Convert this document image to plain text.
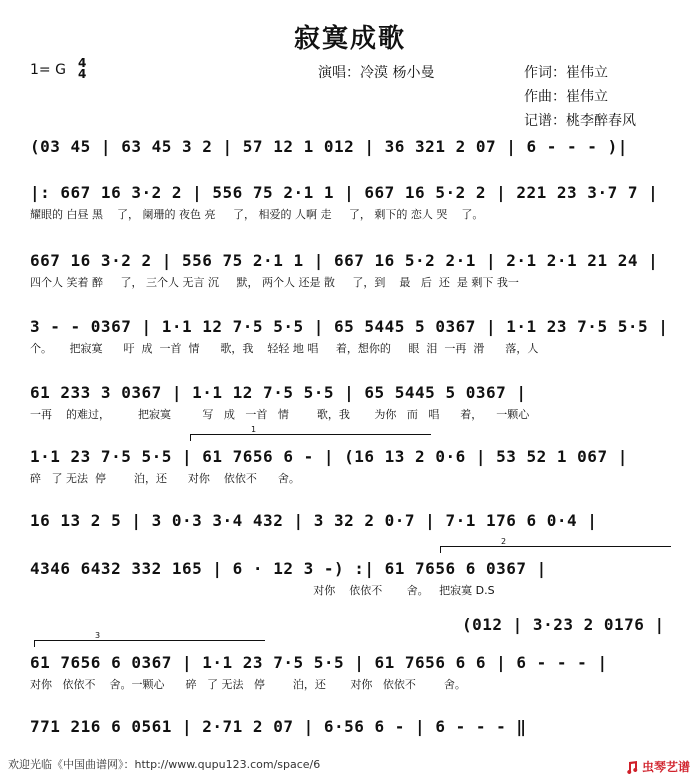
寂寞成歌
1= G 4
4	演唱：冷漠 杨小曼	作词：崔伟立
作曲：崔伟立
记谱：桃李醉春风
(03 45 | 63 45 3 2 | 57 12 1 012 | 36 321 2 07 | 6 - - - )|
|: 667 16 3·2 2 | 556 75 2·1 1 | 667 16 5·2 2 | 221 23 3·7 7 |
耀眼的 白昼 黑    了， 阑珊的 夜色 亮     了， 相爱的 人啊 走     了， 剩下的 恋人 哭    了。
667 16 3·2 2 | 556 75 2·1 1 | 667 16 5·2 2·1 | 2·1 2·1 21 24 |
四个人 笑着 醉     了， 三个人 无言 沉     默， 两个人 还是 散     了，到    最   后  还  是 剩下 我一
3 - - 0367 | 1·1 12 7·5 5·5 | 65 5445 5 0367 | 1·1 23 7·5 5·5 |
个。     把寂寞      吁  成  一首  情      歌，我    轻轻 地 唱     着，想你的     眼  泪  一再  滑      落，人
61 233 3 0367 | 1·1 12 7·5 5·5 | 65 5445 5 0367 |
一再    的难过，        把寂寞         写   成   一首   情        歌，我       为你   而   唱      着，    一颗心
1
1·1 23 7·5 5·5 | 61 7656 6 - | (16 13 2 0·6 | 53 52 1 067 |
碎   了 无法  停        泊，还      对你    依依不      舍。
16 13 2 5 | 3 0·3 3·4 432 | 3 32 2 0·7 | 7·1 176 6 0·4 |
2
4346 6432 332 165 | 6 · 12 3 -) :| 61 7656 6 0367 |
对你    依依不       舍。   把寂寞 D.S
(012 | 3·23 2 0176 |
3
61 7656 6 0367 | 1·1 23 7·5 5·5 | 61 7656 6 6 | 6 - - - |
对你   依依不    舍。一颗心      碎   了 无法   停        泊，还       对你   依依不        舍。
771 216 6 0561 | 2·71 2 07 | 6·56 6 - | 6 - - - ‖
欢迎光临《中国曲谱网》：http://www.qupu123.com/space/6	虫琴艺谱
